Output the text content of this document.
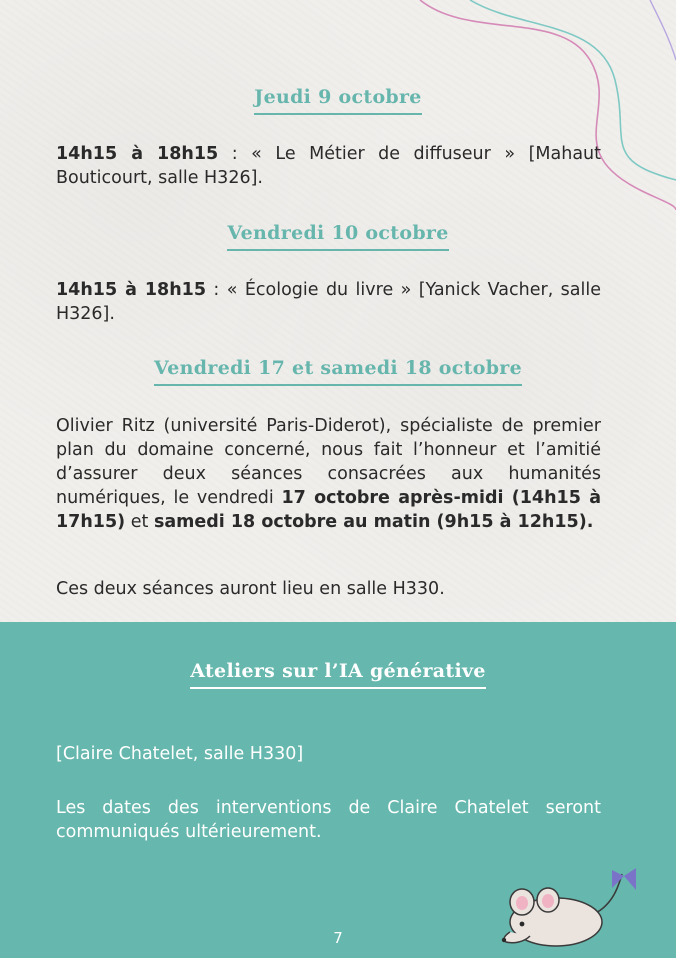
Jeudi 9 octobre
14h15 à 18h15 : « Le Métier de diffuseur » [Mahaut Bouticourt, salle H326].
Vendredi 10 octobre
14h15 à 18h15 : « Écologie du livre » [Yanick Vacher, salle H326].
Vendredi 17 et samedi 18 octobre
Olivier Ritz (université Paris-Diderot), spécialiste de premier plan du domaine concerné, nous fait l’honneur et l’amitié d’assurer deux séances consacrées aux humanités numériques, le vendredi 17 octobre après-midi (14h15 à 17h15) et samedi 18 octobre au matin (9h15 à 12h15).
Ces deux séances auront lieu en salle H330.
Ateliers sur l’IA générative
[Claire Chatelet, salle H330]
Les dates des interventions de Claire Chatelet seront communiqués ultérieurement.
7
